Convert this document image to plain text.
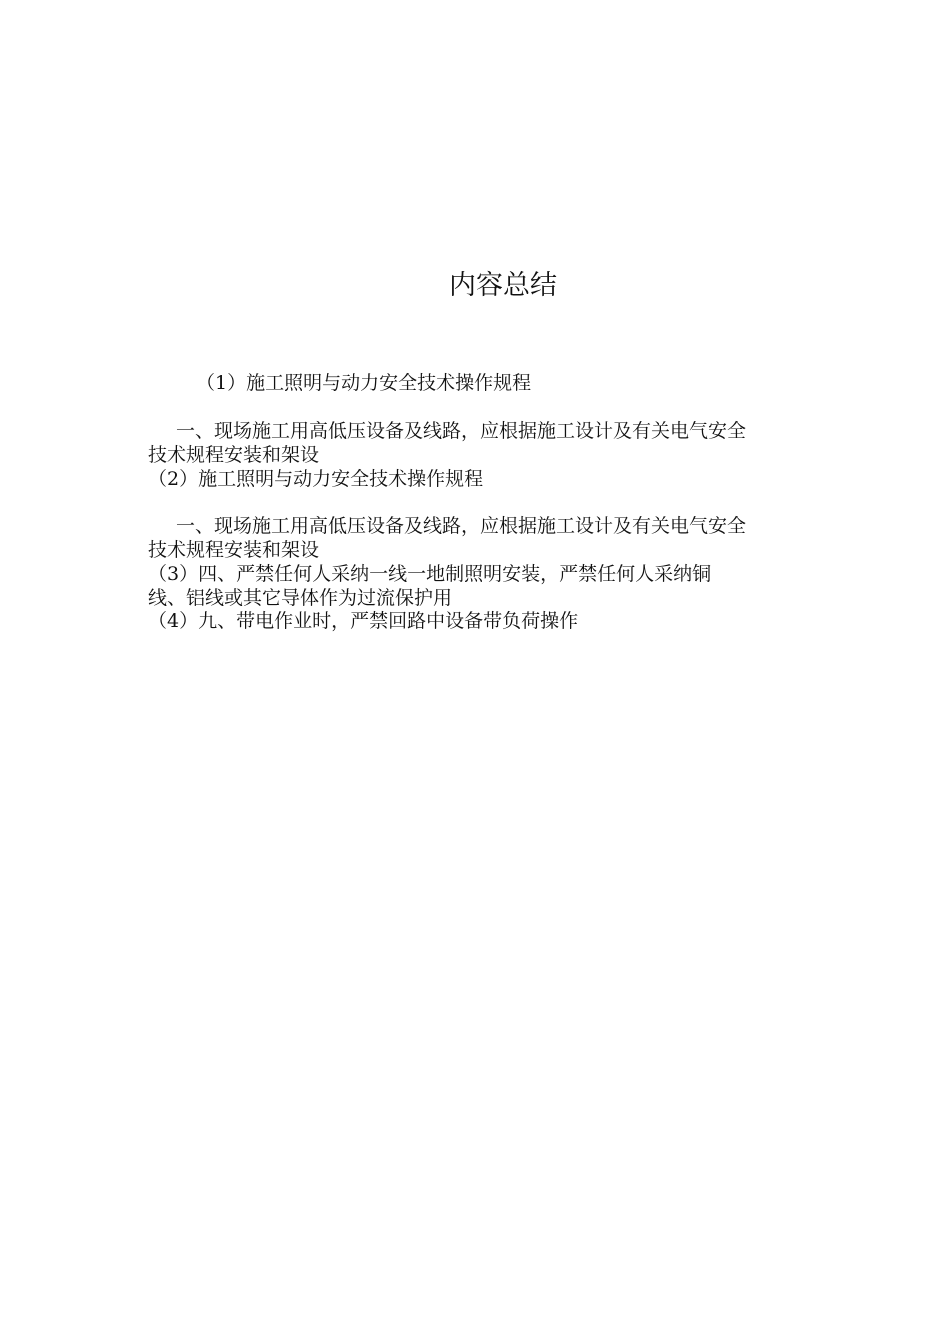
内容总结
（1）施工照明与动力安全技术操作规程
一、现场施工用高低压设备及线路，应根据施工设计及有关电气安全
技术规程安装和架设
（2）施工照明与动力安全技术操作规程
一、现场施工用高低压设备及线路，应根据施工设计及有关电气安全
技术规程安装和架设
（3）四、严禁任何人采纳一线一地制照明安装，严禁任何人采纳铜
线、铝线或其它导体作为过流保护用
（4）九、带电作业时，严禁回路中设备带负荷操作
